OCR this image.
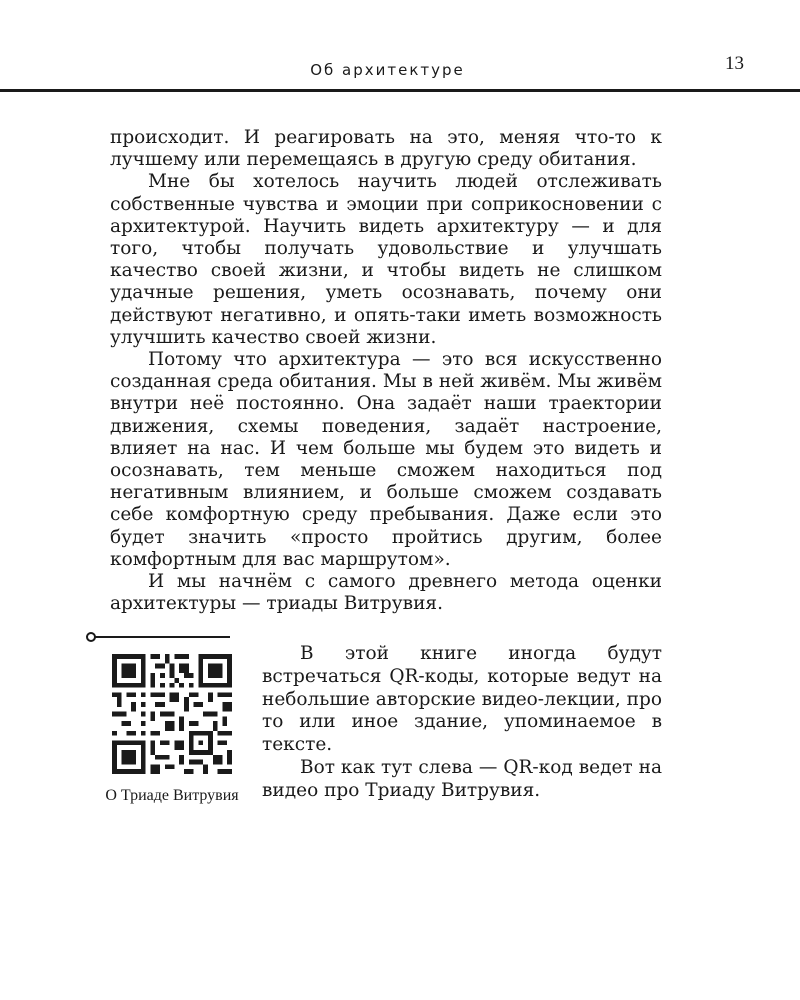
Об архитектуре	13

происходит. И реагировать на это, меняя что-то к лучшему или перемещаясь в другую среду обитания.

Мне бы хотелось научить людей отслеживать собственные чувства и эмоции при соприкосновении с архитектурой. Научить видеть архитектуру — и для того, чтобы получать удовольствие и улучшать качество своей жизни, и чтобы видеть не слишком удачные решения, уметь осознавать, почему они действуют негативно, и опять-таки иметь возможность улучшить качество своей жизни.

Потому что архитектура — это вся искусственно созданная среда обитания. Мы в ней живём. Мы живём внутри неё постоянно. Она задаёт наши траектории движения, схемы поведения, задаёт настроение, влияет на нас. И чем больше мы будем это видеть и осознавать, тем меньше сможем находиться под негативным влиянием, и больше сможем создавать себе комфортную среду пребывания. Даже если это будет значить «просто пройтись другим, более комфортным для вас маршрутом».

И мы начнём с самого древнего метода оценки архитектуры — триады Витрувия.

О Триаде Витрувия

В этой книге иногда будут встречаться QR-коды, которые ведут на небольшие авторские видео-лекции, про то или иное здание, упоминаемое в тексте.

Вот как тут слева — QR-код ведет на видео про Триаду Витрувия.
